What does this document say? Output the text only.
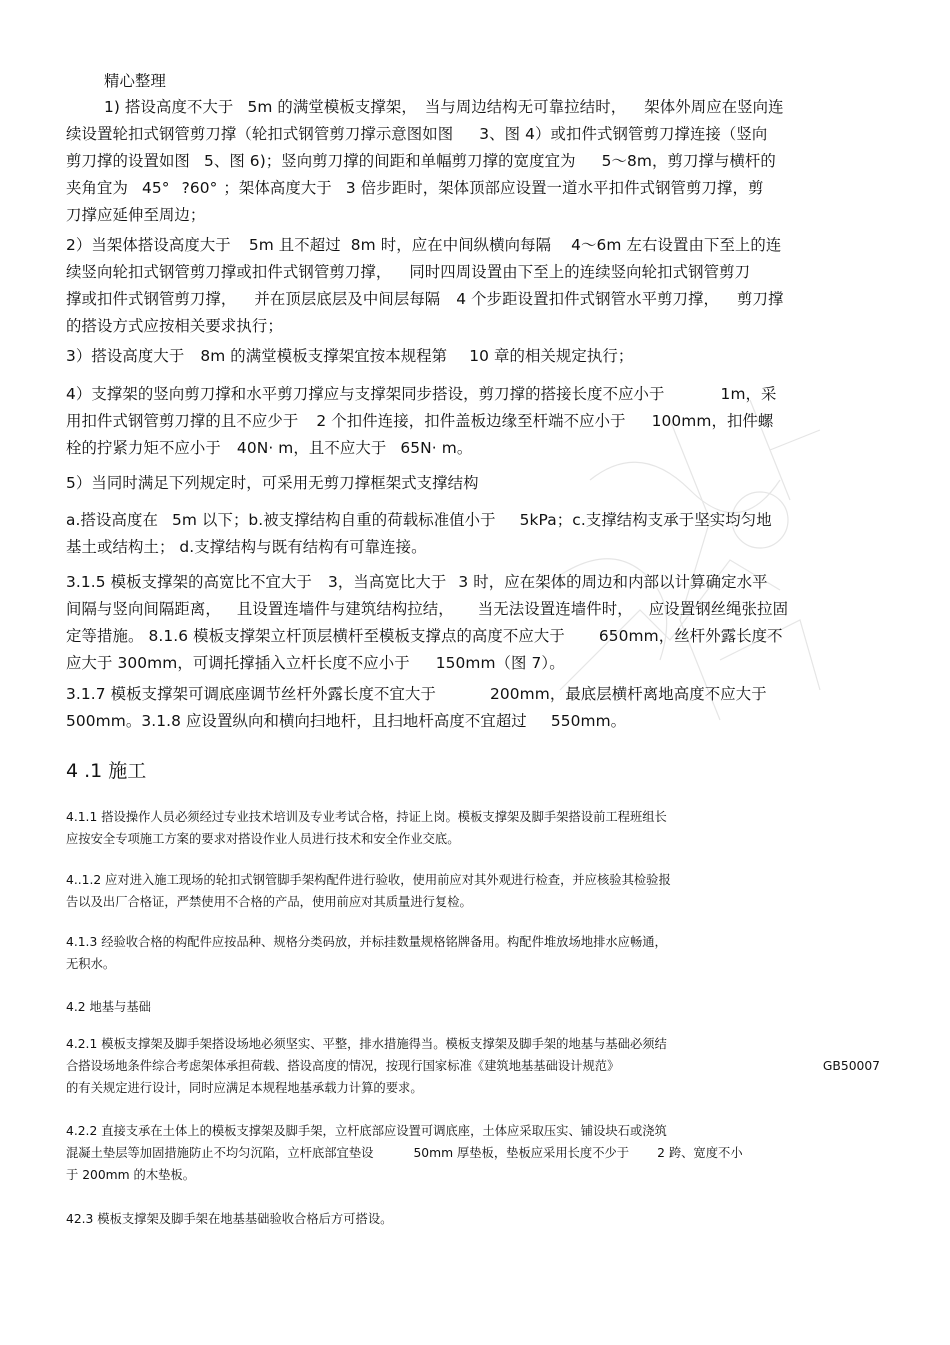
精心整理
1) 搭设高度不大于 5m 的满堂模板支撑架， 当与周边结构无可靠拉结时， 架体外周应在竖向连
续设置轮扣式钢管剪刀撑（轮扣式钢管剪刀撑示意图如图 3、图 4）或扣件式钢管剪刀撑连接（竖向
剪刀撑的设置如图 5、图 6)；竖向剪刀撑的间距和单幅剪刀撑的宽度宜为 5～8m，剪刀撑与横杆的
夹角宜为 45° ?60° ；架体高度大于 3 倍步距时，架体顶部应设置一道水平扣件式钢管剪刀撑，剪
刀撑应延伸至周边；
2）当架体搭设高度大于 5m 且不超过 8m 时，应在中间纵横向每隔 4～6m 左右设置由下至上的连
续竖向轮扣式钢管剪刀撑或扣件式钢管剪刀撑， 同时四周设置由下至上的连续竖向轮扣式钢管剪刀
撑或扣件式钢管剪刀撑， 并在顶层底层及中间层每隔 4 个步距设置扣件式钢管水平剪刀撑， 剪刀撑
的搭设方式应按相关要求执行；
3）搭设高度大于 8m 的满堂模板支撑架宜按本规程第 10 章的相关规定执行；
4）支撑架的竖向剪刀撑和水平剪刀撑应与支撑架同步搭设，剪刀撑的搭接长度不应小于	1m，采
用扣件式钢管剪刀撑的且不应少于 2 个扣件连接，扣件盖板边缘至杆端不应小于 100mm，扣件螺
栓的拧紧力矩不应小于 40N· m，且不应大于 65N· m。
5）当同时满足下列规定时，可采用无剪刀撑框架式支撑结构
a.搭设高度在 5m 以下；b.被支撑结构自重的荷载标准值小于 5kPa；c.支撑结构支承于坚实均匀地
基土或结构土； d.支撑结构与既有结构有可靠连接。
3.1.5 模板支撑架的高宽比不宜大于 3，当高宽比大于 3 时，应在架体的周边和内部以计算确定水平
间隔与竖向间隔距离， 且设置连墙件与建筑结构拉结， 当无法设置连墙件时， 应设置钢丝绳张拉固
定等措施。 8.1.6 模板支撑架立杆顶层横杆至模板支撑点的高度不应大于 650mm，丝杆外露长度不
应大于 300mm，可调托撑插入立杆长度不应小于 150mm（图 7）。
3.1.7 模板支撑架可调底座调节丝杆外露长度不宜大于	200mm，最底层横杆离地高度不应大于
500mm。3.1.8 应设置纵向和横向扫地杆，且扫地杆高度不宜超过 550mm。
4 .1 施工
4.1.1 搭设操作人员必须经过专业技术培训及专业考试合格，持证上岗。模板支撑架及脚手架搭设前工程班组长
应按安全专项施工方案的要求对搭设作业人员进行技术和安全作业交底。
4..1.2 应对进入施工现场的轮扣式钢管脚手架构配件进行验收，使用前应对其外观进行检查，并应核验其检验报
告以及出厂合格证，严禁使用不合格的产品，使用前应对其质量进行复检。
4.1.3 经验收合格的构配件应按品种、规格分类码放，并标挂数量规格铭牌备用。构配件堆放场地排水应畅通，
无积水。
4.2 地基与基础
4.2.1 模板支撑架及脚手架搭设场地必须坚实、平整，排水措施得当。模板支撑架及脚手架的地基与基础必须结
合搭设场地条件综合考虑架体承担荷载、搭设高度的情况，按现行国家标准《建筑地基基础设计规范》	GB50007
的有关规定进行设计，同时应满足本规程地基承载力计算的要求。
4.2.2 直接支承在土体上的模板支撑架及脚手架，立杆底部应设置可调底座，土体应采取压实、铺设块石或浇筑
混凝土垫层等加固措施防止不均匀沉陷，立杆底部宜垫设	50mm 厚垫板，垫板应采用长度不少于 2 跨、宽度不小
于 200mm 的木垫板。
42.3 模板支撑架及脚手架在地基基础验收合格后方可搭设。
